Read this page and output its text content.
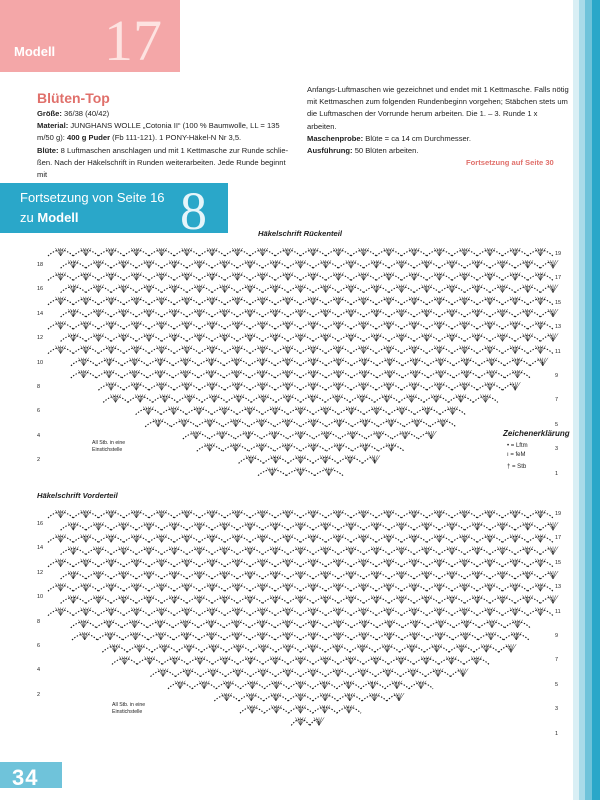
Modell 17
Blüten-Top
Größe: 36/38 (40/42)
Material: JUNGHANS WOLLE „Cotonia II“ (100 % Baumwolle, LL = 135 m/50 g): 400 g Puder (Fb 111-121). 1 PONY-Häkel-N Nr 3,5.
Blüte: 8 Luftmaschen anschlagen und mit 1 Kettmasche zur Runde schlie-ßen. Nach der Häkelschrift in Runden weiterarbeiten. Jede Runde beginnt mit
Anfangs-Luftmaschen wie gezeichnet und endet mit 1 Kettmasche. Falls nötig mit Kettmaschen zum folgenden Rundenbeginn vorgehen; Stäbchen stets um die Luftmaschen der Vorrunde herum arbeiten. Die 1. – 3. Runde 1 x arbeiten.
Maschenprobe: Blüte = ca 14 cm Durchmesser.
Ausführung: 50 Blüten arbeiten.
Fortsetzung auf Seite 30
Fortsetzung von Seite 16
zu Modell 8	Häkelschrift Rückenteil
Häkelschrift Vorderteil
18
16
14
12
10
8
6
4
2
19
17
15
13
11
9
7
5
3
1
16
14
12
10
8
6
4
2
19
17
15
13
11
9
7
5
3
1
All Stb. in eine
Einstichstelle
All Stb. in eine
Einstichstelle
Zeichenerklärung
• = Lftm
ı = feM
† = Stb
34	PassionForum.ru
